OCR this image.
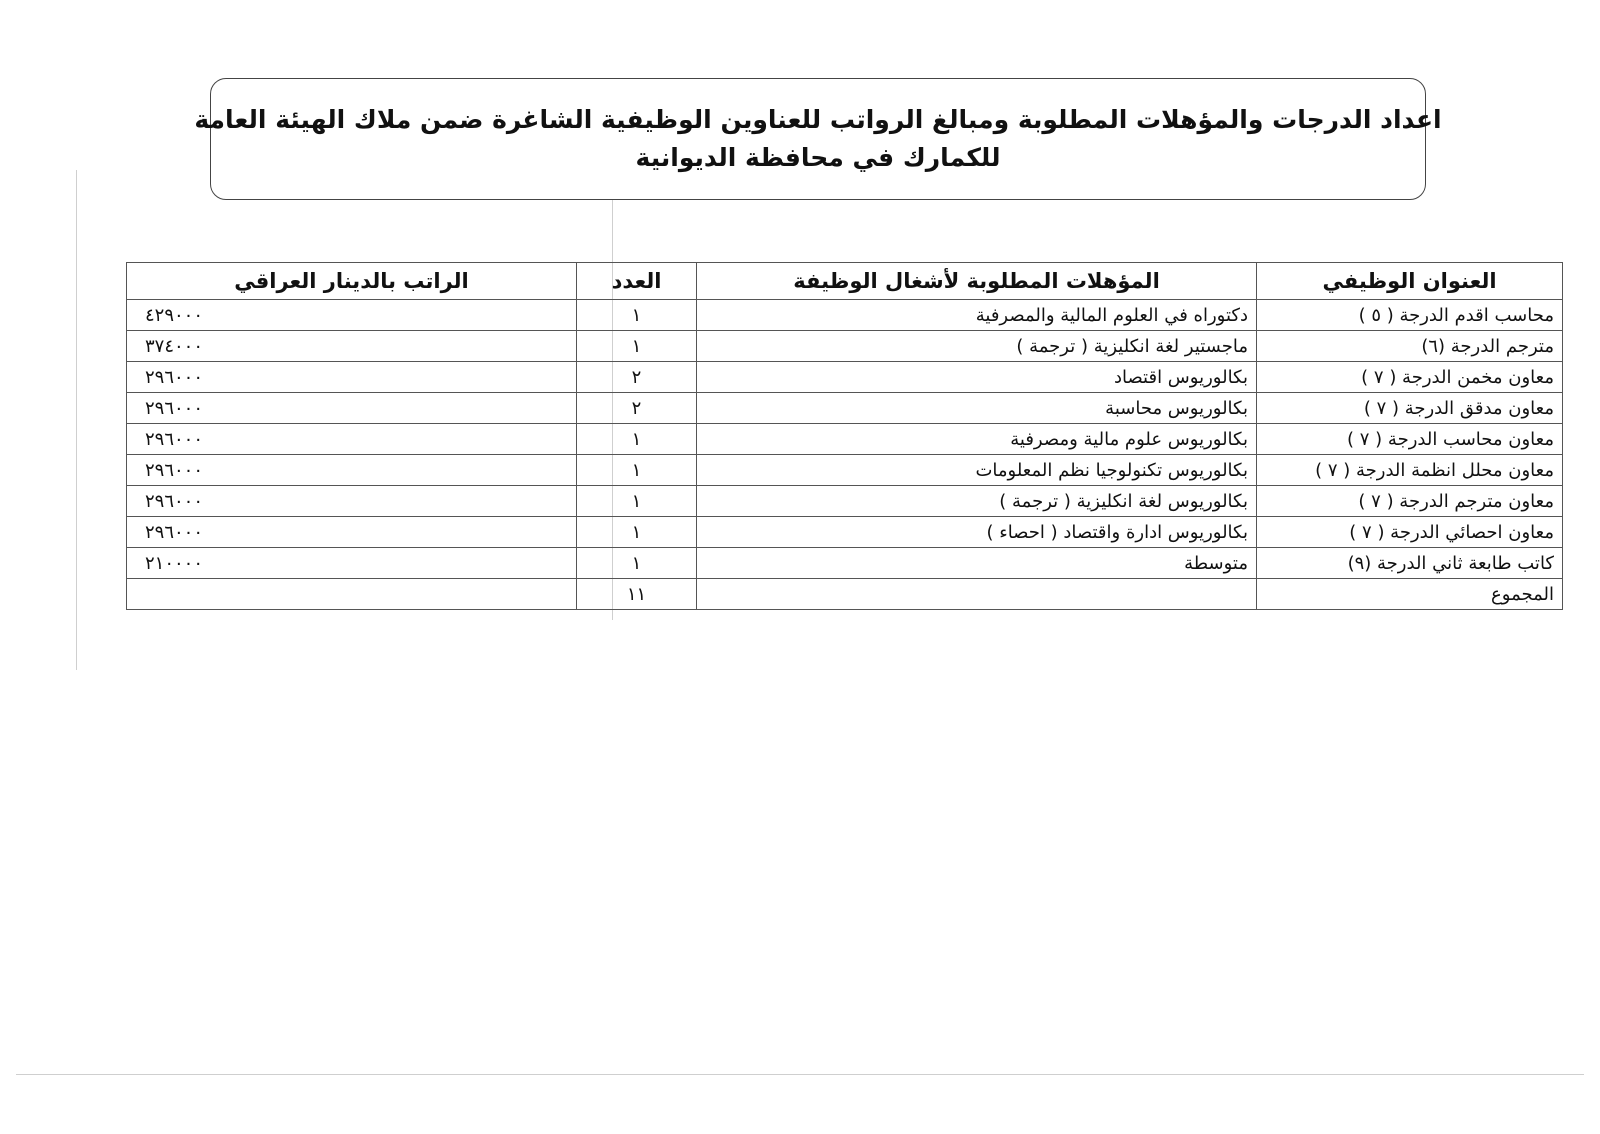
اعداد الدرجات والمؤهلات المطلوبة ومبالغ الرواتب للعناوين الوظيفية الشاغرة ضمن ملاك الهيئة العامة
للكمارك في محافظة الديوانية
العنوان الوظيفي	المؤهلات المطلوبة لأشغال الوظيفة	العدد	الراتب بالدينار العراقي
محاسب اقدم الدرجة ( ٥ )	دكتوراه في العلوم المالية والمصرفية	١	٤٢٩٠٠٠
مترجم الدرجة (٦)	ماجستير لغة انكليزية ( ترجمة )	١	٣٧٤٠٠٠
معاون مخمن الدرجة ( ٧ )	بكالوريوس اقتصاد	٢	٢٩٦٠٠٠
معاون مدقق الدرجة ( ٧ )	بكالوريوس محاسبة	٢	٢٩٦٠٠٠
معاون محاسب الدرجة ( ٧ )	بكالوريوس علوم مالية ومصرفية	١	٢٩٦٠٠٠
معاون محلل انظمة الدرجة ( ٧ )	بكالوريوس تكنولوجيا نظم المعلومات	١	٢٩٦٠٠٠
معاون مترجم الدرجة ( ٧ )	بكالوريوس لغة انكليزية ( ترجمة )	١	٢٩٦٠٠٠
معاون احصائي الدرجة ( ٧ )	بكالوريوس ادارة واقتصاد ( احصاء )	١	٢٩٦٠٠٠
كاتب طابعة ثاني الدرجة (٩)	متوسطة	١	٢١٠٠٠٠
المجموع		١١	
